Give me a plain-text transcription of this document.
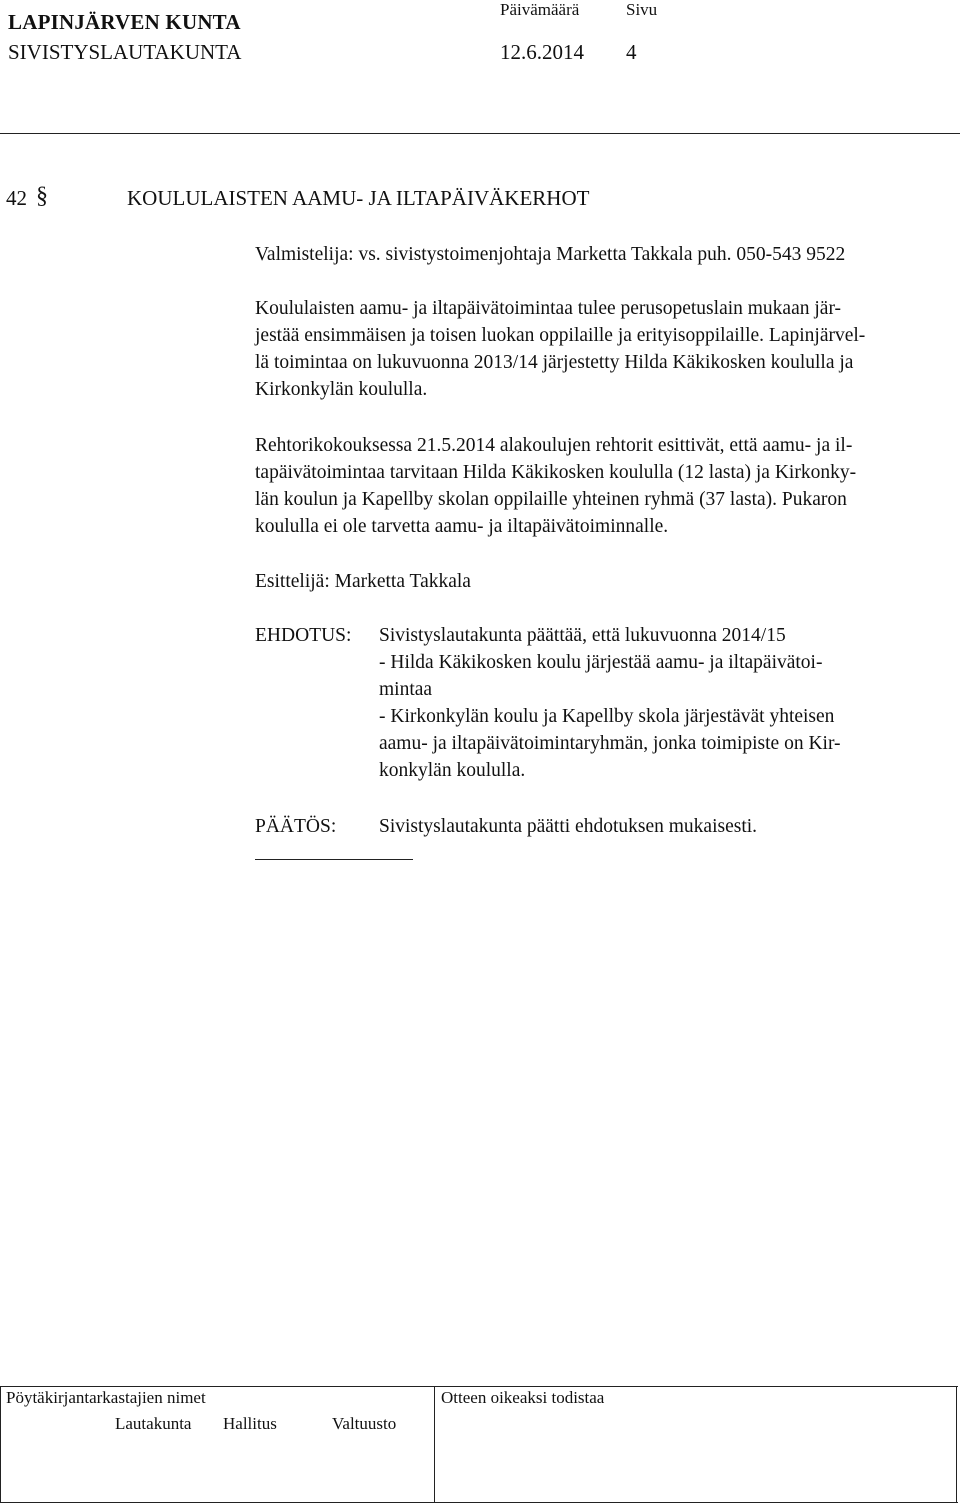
LAPINJÄRVEN KUNTA
SIVISTYSLAUTAKUNTA
Päivämäärä	Sivu
12.6.2014 4
42 §	KOULULAISTEN AAMU- JA ILTAPÄIVÄKERHOT
Valmistelija: vs. sivistystoimenjohtaja Marketta Takkala puh. 050-543 9522
Koululaisten aamu- ja iltapäivätoimintaa tulee perusopetuslain mukaan jär-
jestää ensimmäisen ja toisen luokan oppilaille ja erityisoppilaille. Lapinjärvel-
lä toimintaa on lukuvuonna 2013/14 järjestetty Hilda Käkikosken koululla ja
Kirkonkylän koululla.
Rehtorikokouksessa 21.5.2014 alakoulujen rehtorit esittivät, että aamu- ja il-
tapäivätoimintaa tarvitaan Hilda Käkikosken koululla (12 lasta) ja Kirkonky-
län koulun ja Kapellby skolan oppilaille yhteinen ryhmä (37 lasta). Pukaron
koululla ei ole tarvetta aamu- ja iltapäivätoiminnalle.
Esittelijä: Marketta Takkala
EHDOTUS: Sivistyslautakunta päättää, että lukuvuonna 2014/15
- Hilda Käkikosken koulu järjestää aamu- ja iltapäivätoi-
mintaa
- Kirkonkylän koulu ja Kapellby skola järjestävät yhteisen
aamu- ja iltapäivätoimintaryhmän, jonka toimipiste on Kir-
konkylän koululla.
PÄÄTÖS: Sivistyslautakunta päätti ehdotuksen mukaisesti.
Pöytäkirjantarkastajien nimet	Otteen oikeaksi todistaa
Lautakunta Hallitus	Valtuusto
